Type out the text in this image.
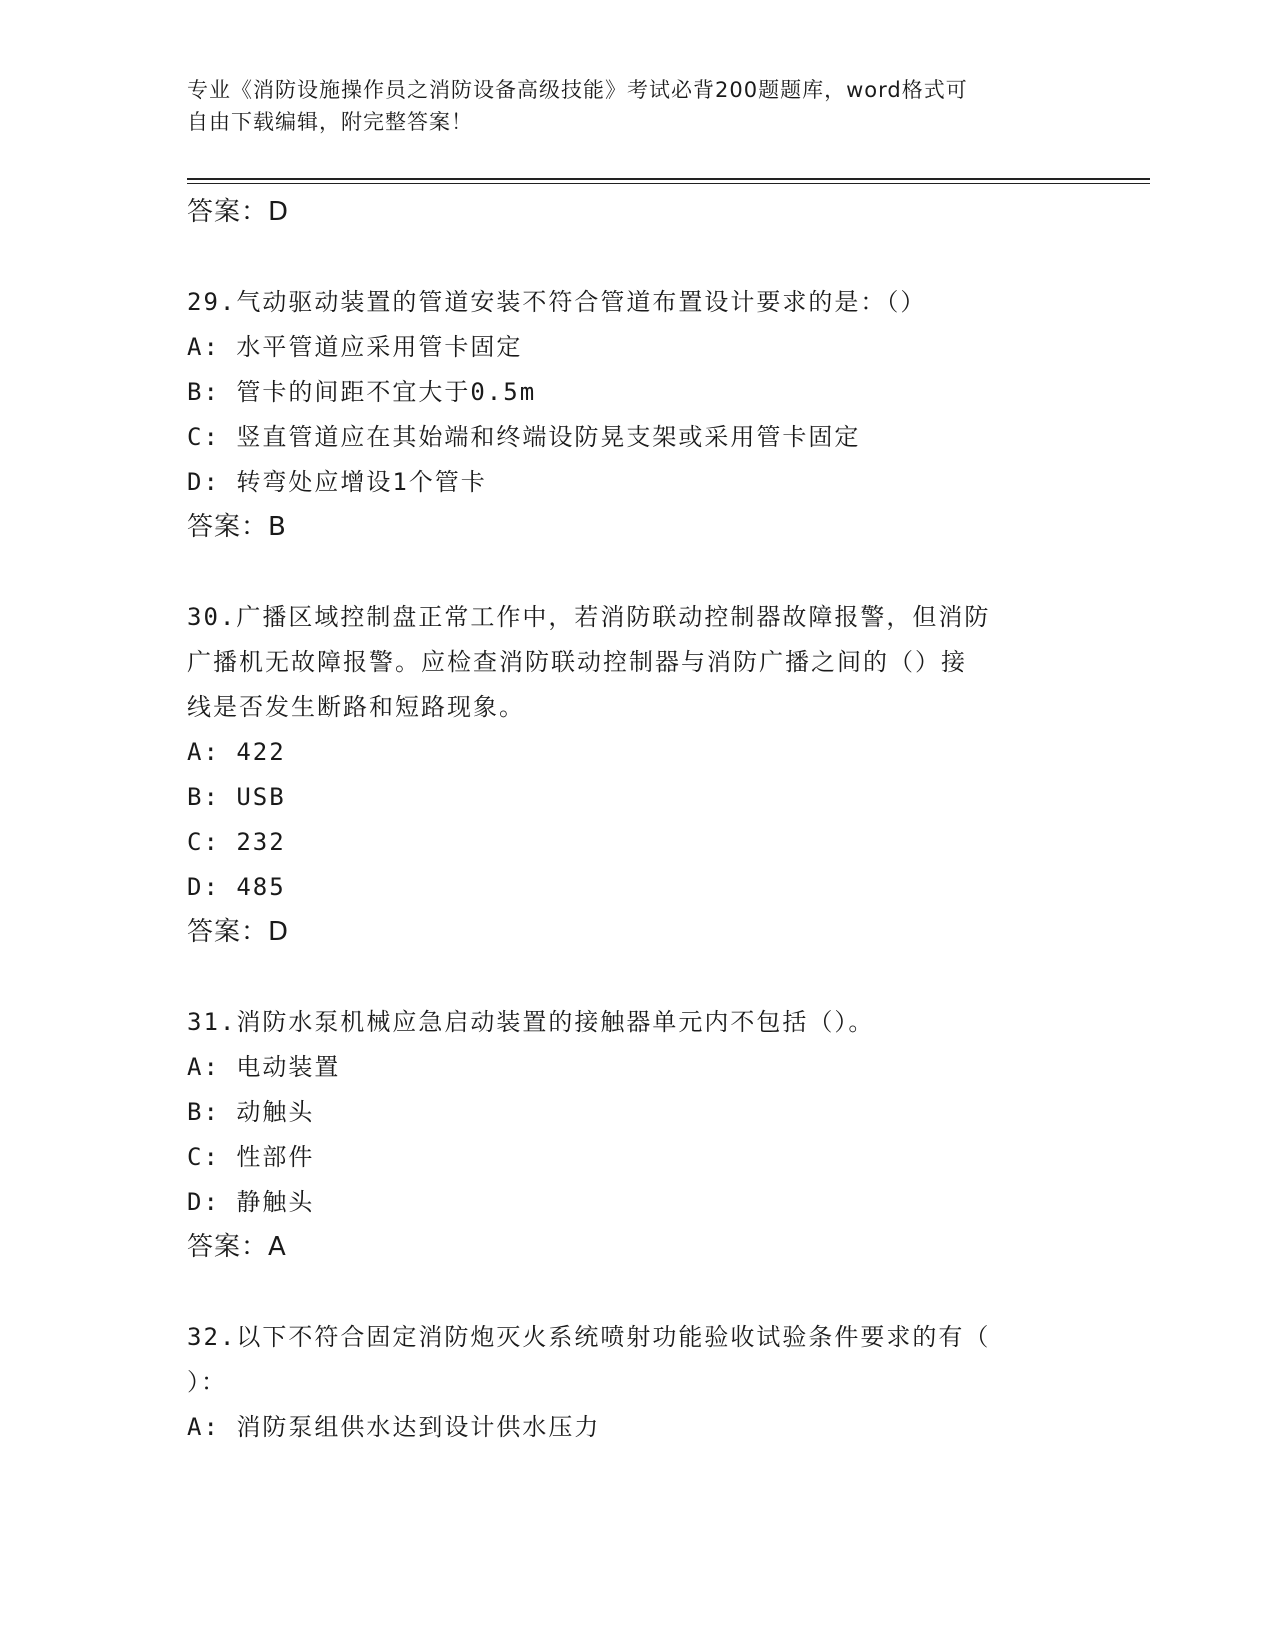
专业《消防设施操作员之消防设备高级技能》考试必背200题题库，word格式可
自由下载编辑，附完整答案！
答案：D
29.气动驱动装置的管道安装不符合管道布置设计要求的是：（）
A: 水平管道应采用管卡固定
B: 管卡的间距不宜大于0.5m
C: 竖直管道应在其始端和终端设防晃支架或采用管卡固定
D: 转弯处应增设1个管卡
答案：B
30.广播区域控制盘正常工作中，若消防联动控制器故障报警，但消防
广播机无故障报警。应检查消防联动控制器与消防广播之间的（）接
线是否发生断路和短路现象。
A: 422
B: USB
C: 232
D: 485
答案：D
31.消防水泵机械应急启动装置的接触器单元内不包括（）。
A: 电动装置
B: 动触头
C: 性部件
D: 静触头
答案：A
32.以下不符合固定消防炮灭火系统喷射功能验收试验条件要求的有（
）：
A: 消防泵组供水达到设计供水压力
